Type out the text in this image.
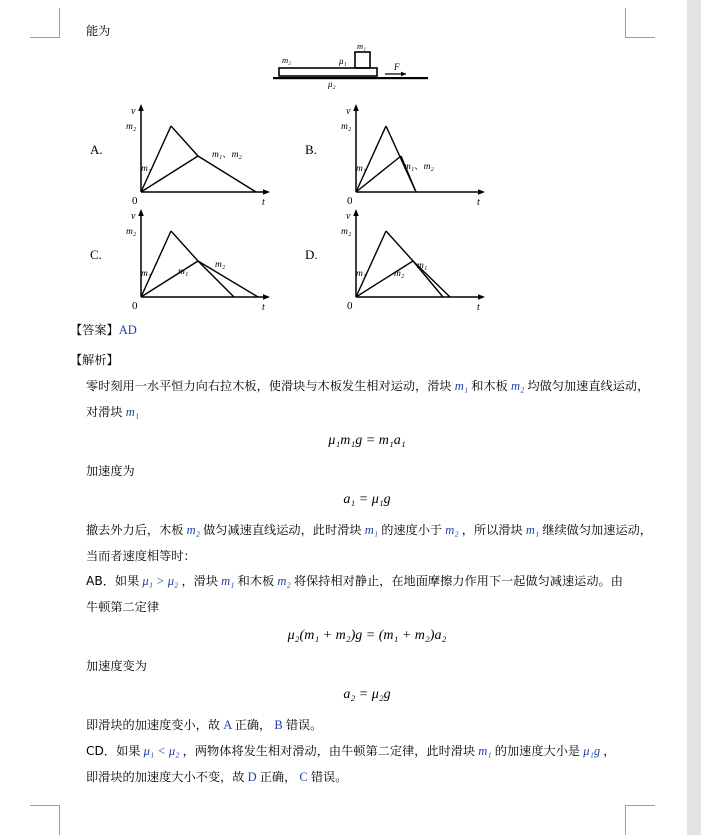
能为
m₁
m₂	μ₁
μ₂
F
A.
v
t
0
m₂
m₁
m₁、m₂	B.
v
t
0
m₂
m₁	m₁、m₂
C.
v
t
0
m₂
m₁	m₁
m₂
D.
v
t
0
m₂
m₁	m₂
m₁
【答案】AD
【解析】
零时刻用一水平恒力向右拉木板，使滑块与木板发生相对运动，滑块 m₁ 和木板 m₂ 均做匀加速直线运动，
对滑块 m₁
μ₁m₁g = m₁a₁
加速度为
a₁ = μ₁g
撤去外力后，木板 m₂ 做匀减速直线运动，此时滑块 m₁ 的速度小于 m₂ ，所以滑块 m₁ 继续做匀加速运动，
当而者速度相等时：
AB．如果 μ₁ > μ₂ ，滑块 m₁ 和木板 m₂ 将保持相对静止，在地面摩擦力作用下一起做匀减速运动。由
牛顿第二定律
μ₂(m₁ + m₂)g = (m₁ + m₂)a₂
加速度变为
a₂ = μ₂g
即滑块的加速度变小，故 A 正确， B 错误。
CD．如果 μ₁ < μ₂ ，两物体将发生相对滑动，由牛顿第二定律，此时滑块 m₁ 的加速度大小是 μ₁g ，
即滑块的加速度大小不变，故 D 正确， C 错误。
